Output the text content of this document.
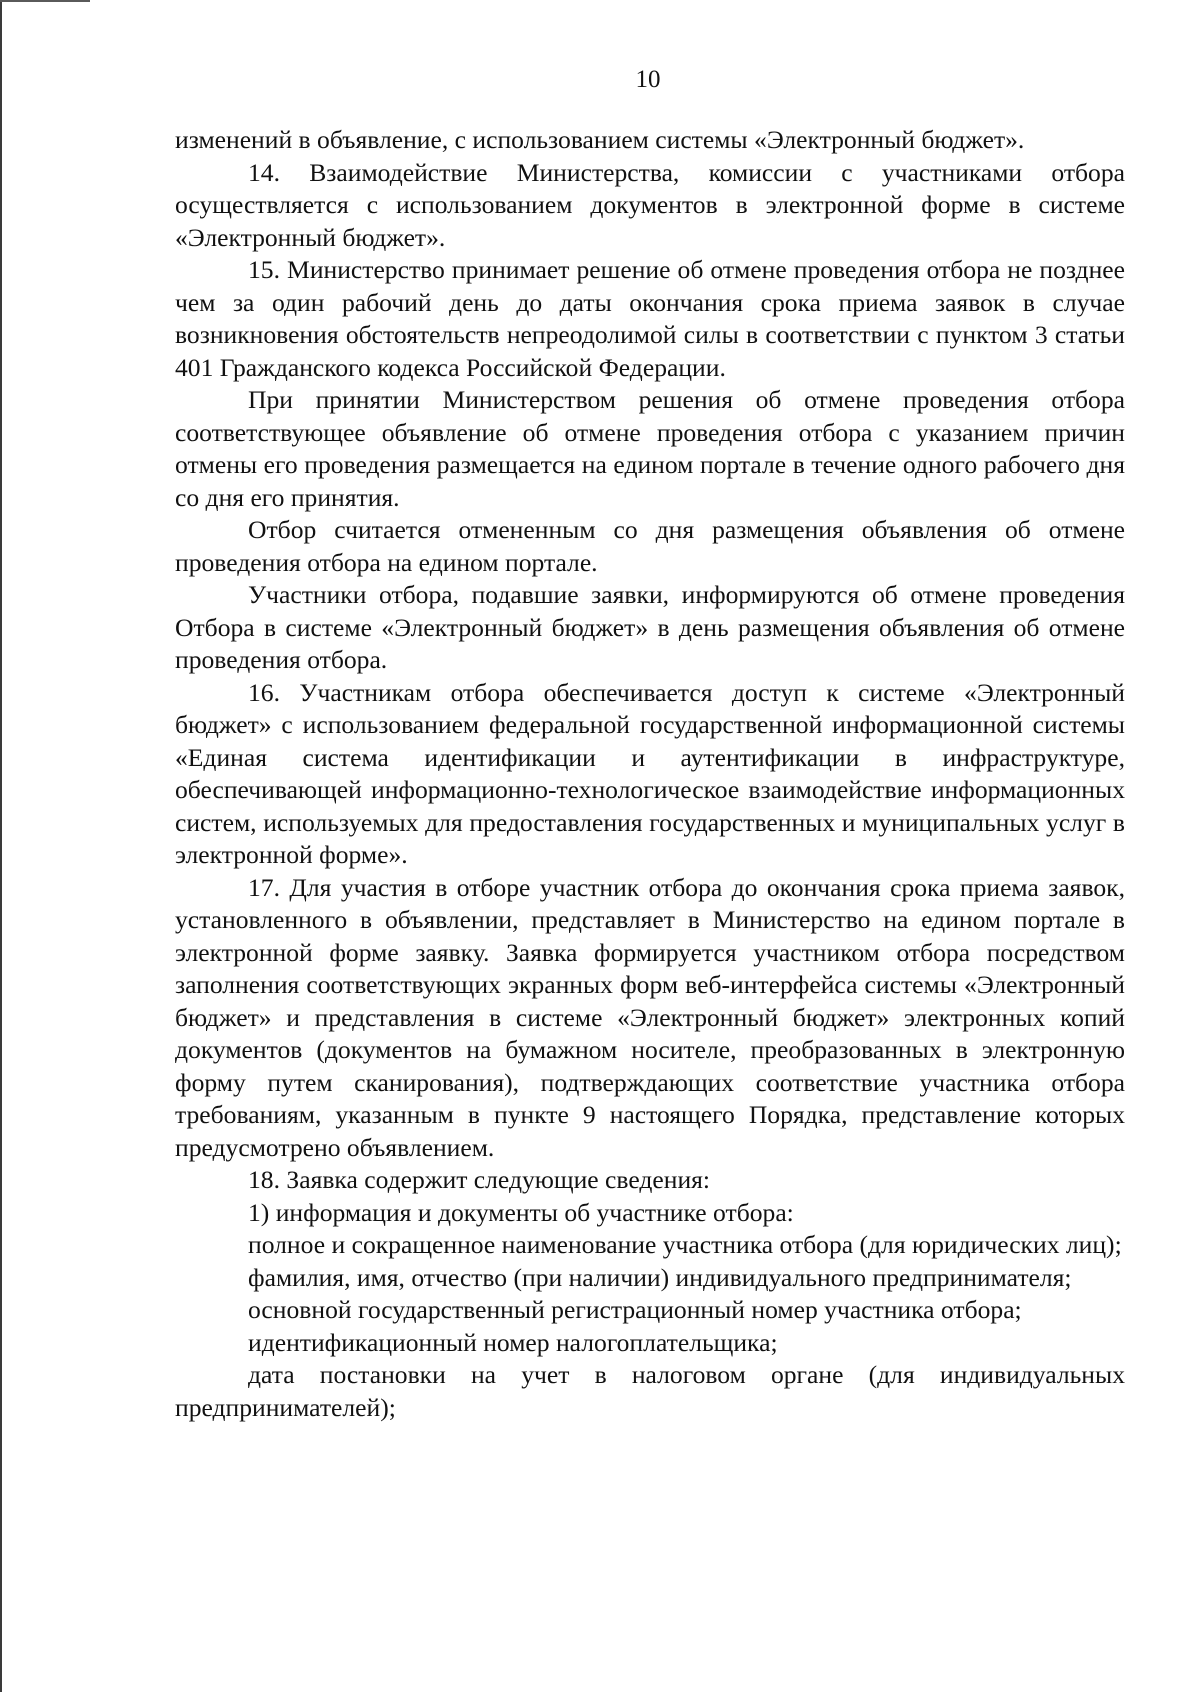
10

изменений в объявление, с использованием системы «Электронный бюджет».

14. Взаимодействие Министерства, комиссии с участниками отбора осуществляется с использованием документов в электронной форме в системе «Электронный бюджет».

15. Министерство принимает решение об отмене проведения отбора не позднее чем за один рабочий день до даты окончания срока приема заявок в случае возникновения обстоятельств непреодолимой силы в соответствии с пунктом 3 статьи 401 Гражданского кодекса Российской Федерации.

При принятии Министерством решения об отмене проведения отбора соответствующее объявление об отмене проведения отбора с указанием причин отмены его проведения размещается на едином портале в течение одного рабочего дня со дня его принятия.

Отбор считается отмененным со дня размещения объявления об отмене проведения отбора на едином портале.

Участники отбора, подавшие заявки, информируются об отмене проведения Отбора в системе «Электронный бюджет» в день размещения объявления об отмене проведения отбора.

16. Участникам отбора обеспечивается доступ к системе «Электронный бюджет» с использованием федеральной государственной информационной системы «Единая система идентификации и аутентификации в инфраструктуре, обеспечивающей информационно-технологическое взаимодействие информационных систем, используемых для предоставления государственных и муниципальных услуг в электронной форме».

17. Для участия в отборе участник отбора до окончания срока приема заявок, установленного в объявлении, представляет в Министерство на едином портале в электронной форме заявку. Заявка формируется участником отбора посредством заполнения соответствующих экранных форм веб-интерфейса системы «Электронный бюджет» и представления в системе «Электронный бюджет» электронных копий документов (документов на бумажном носителе, преобразованных в электронную форму путем сканирования), подтверждающих соответствие участника отбора требованиям, указанным в пункте 9 настоящего Порядка, представление которых предусмотрено объявлением.

18. Заявка содержит следующие сведения:

1) информация и документы об участнике отбора:

полное и сокращенное наименование участника отбора (для юридических лиц);

фамилия, имя, отчество (при наличии) индивидуального предпринимателя;

основной государственный регистрационный номер участника отбора;

идентификационный номер налогоплательщика;

дата постановки на учет в налоговом органе (для индивидуальных предпринимателей);
